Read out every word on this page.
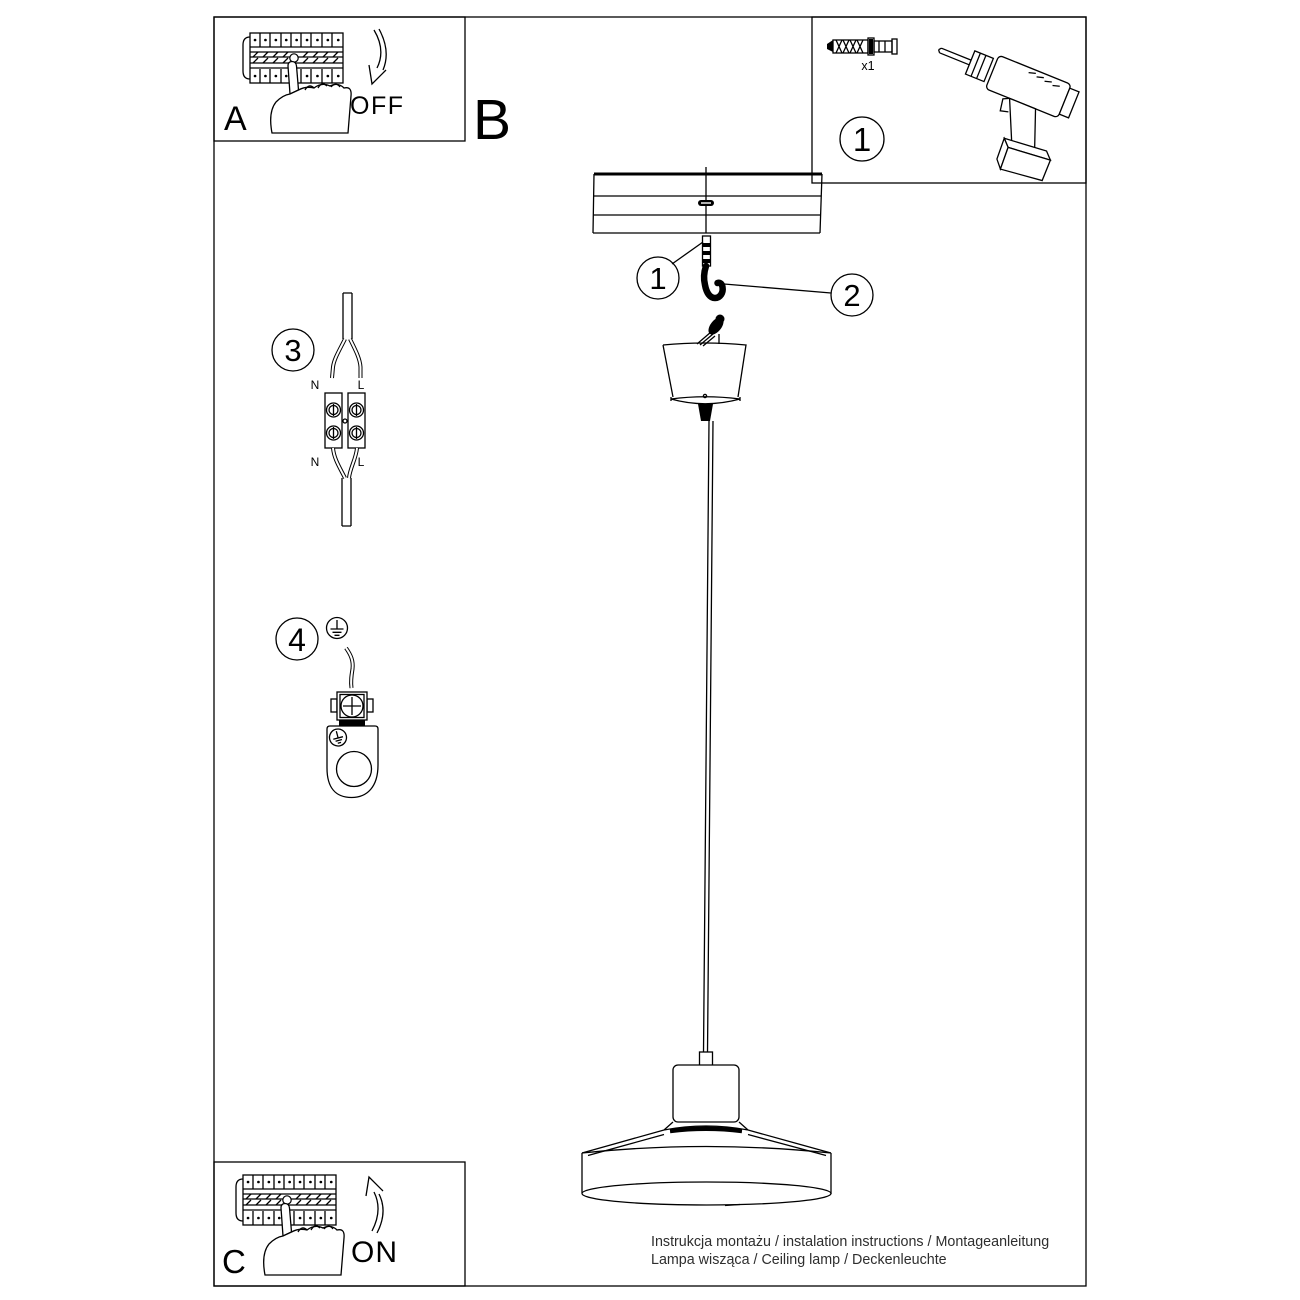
A	OFF B
x1
1
1	2
3
N	L
N	L
4
C	ON	Instrukcja montażu / instalation instructions / Montageanleitung
Lampa wisząca / Ceiling lamp / Deckenleuchte
